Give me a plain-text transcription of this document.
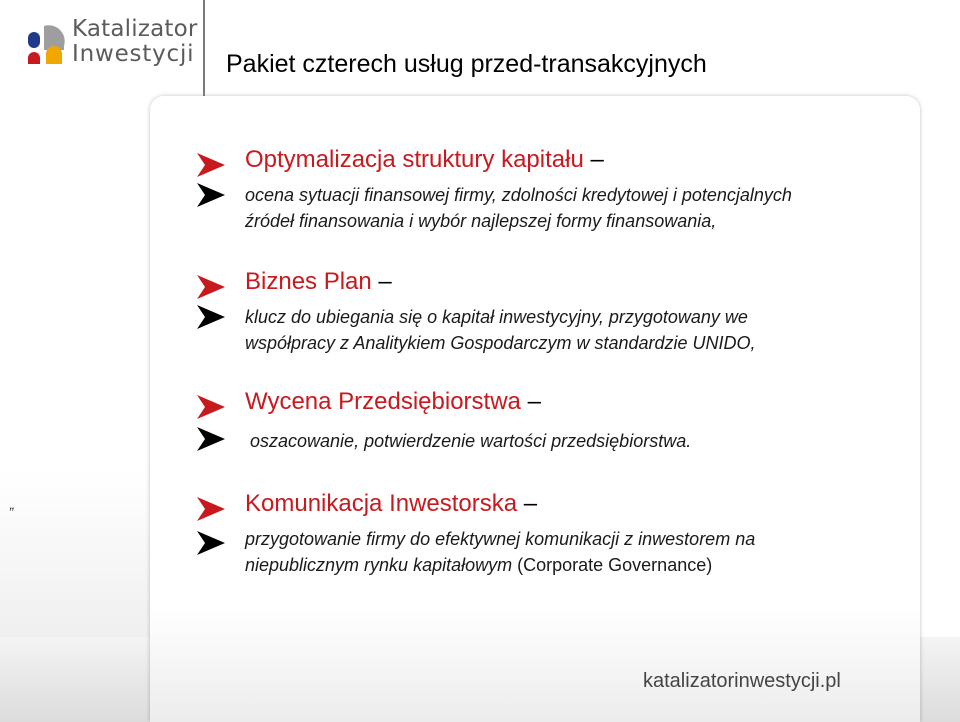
Katalizator
Inwestycji Pakiet czterech usług przed-transakcyjnych
Optymalizacja struktury kapitału –
ocena sytuacji finansowej firmy, zdolności kredytowej i potencjalnych
źródeł finansowania i wybór najlepszej formy finansowania,
Biznes Plan –
klucz do ubiegania się o kapitał inwestycyjny, przygotowany we
współpracy z Analitykiem Gospodarczym w standardzie UNIDO,
Wycena Przedsiębiorstwa –
oszacowanie, potwierdzenie wartości przedsiębiorstwa.
Komunikacja Inwestorska –
przygotowanie firmy do efektywnej komunikacji z inwestorem na
niepublicznym rynku kapitałowym (Corporate Governance)
„
katalizatorinwestycji.pl
